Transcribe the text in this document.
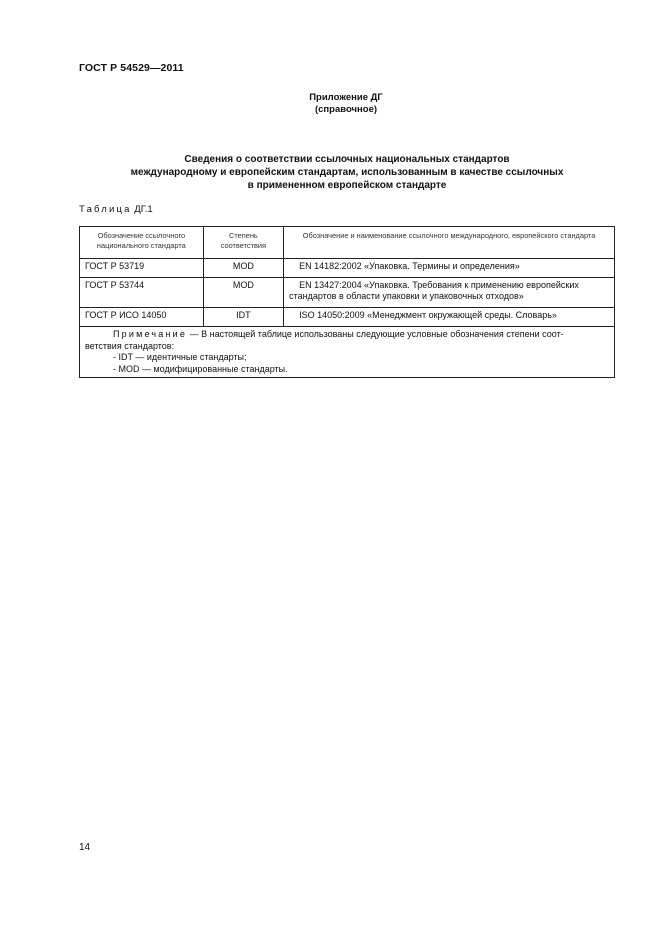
ГОСТ Р 54529—2011
Приложение ДГ
(справочное)
Сведения о соответствии ссылочных национальных стандартов
международному и европейским стандартам, использованным в качестве ссылочных
в примененном европейском стандарте
Таблица ДГ.1
Обозначение ссылочного национального стандарта	Степень соответствия	Обозначение и наименование ссылочного международного, европейского стандарта
ГОСТ Р 53719	MOD	EN 14182:2002 «Упаковка. Термины и определения»

ГОСТ Р 53744	MOD	EN 13427:2004 «Упаковка. Требования к применению европейских
стандартов в области упаковки и упаковочных отходов»

ГОСТ Р ИСО 14050	IDT	ISO 14050:2009 «Менеджмент окружающей среды. Словарь»

Примечание — В настоящей таблице использованы следующие условные обозначения степени соот-
ветствия стандартов:
- IDT — идентичные стандарты;
- MOD — модифицированные стандарты.		
14
